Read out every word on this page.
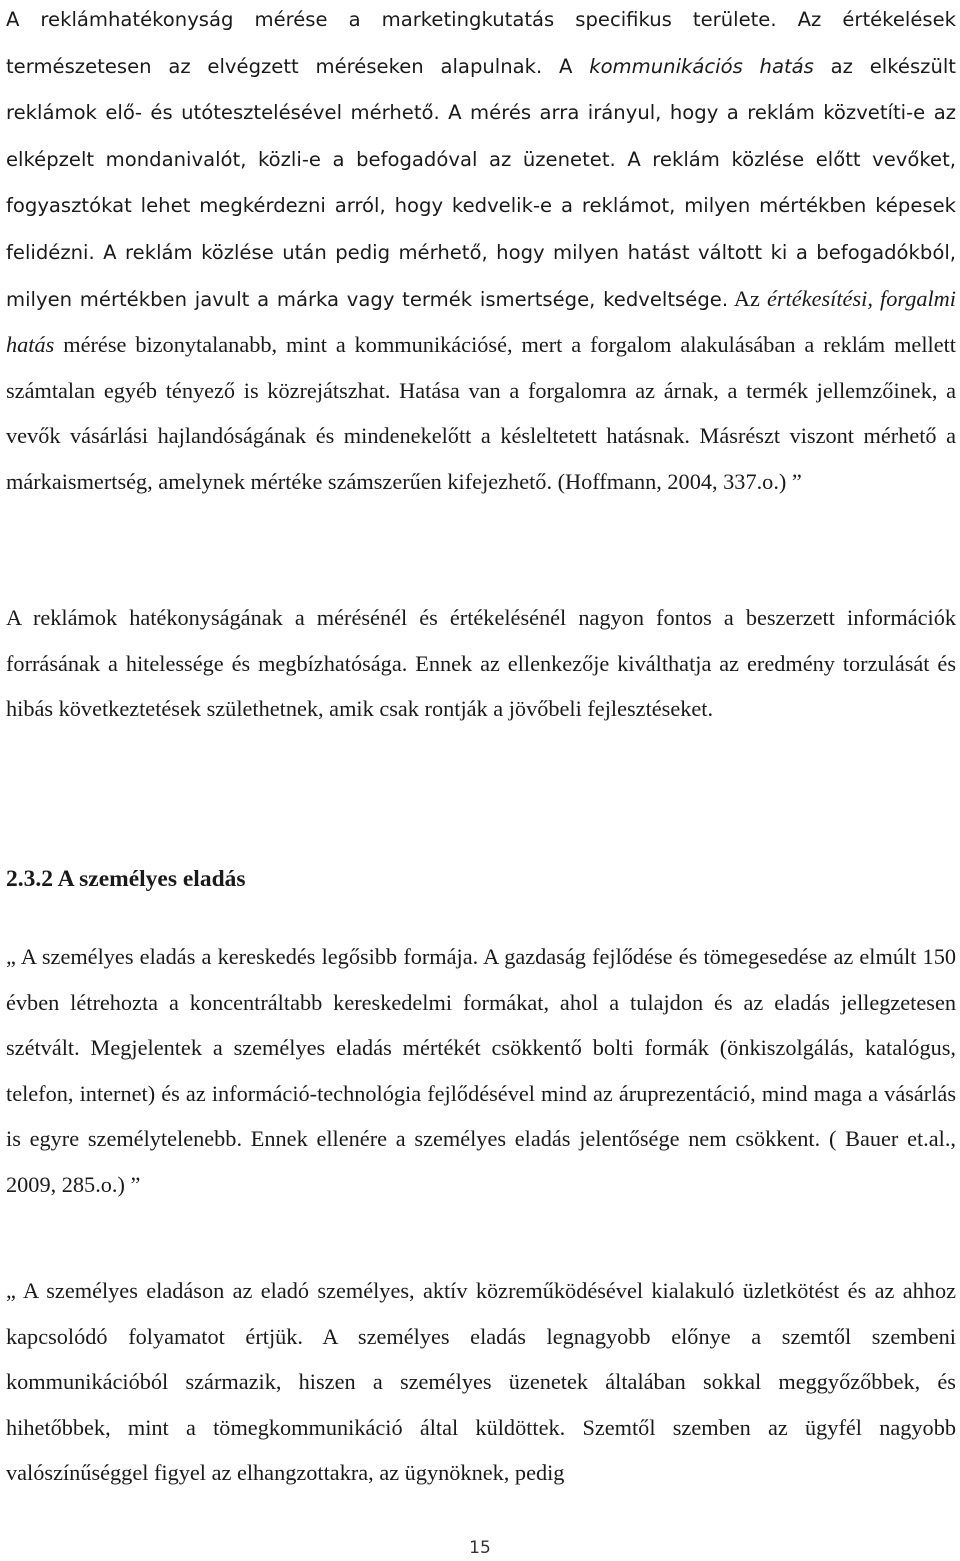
A reklámhatékonyság mérése a marketingkutatás specifikus területe. Az értékelések természetesen az elvégzett méréseken alapulnak. A kommunikációs hatás az elkészült reklámok elő- és utótesztelésével mérhető. A mérés arra irányul, hogy a reklám közvetíti-e az elképzelt mondanivalót, közli-e a befogadóval az üzenetet. A reklám közlése előtt vevőket, fogyasztókat lehet megkérdezni arról, hogy kedvelik-e a reklámot, milyen mértékben képesek felidézni. A reklám közlése után pedig mérhető, hogy milyen hatást váltott ki a befogadókból, milyen mértékben javult a márka vagy termék ismertsége, kedveltsége. Az értékesítési, forgalmi hatás mérése bizonytalanabb, mint a kommunikációsé, mert a forgalom alakulásában a reklám mellett számtalan egyéb tényező is közrejátszhat. Hatása van a forgalomra az árnak, a termék jellemzőinek, a vevők vásárlási hajlandóságának és mindenekelőtt a késleltetett hatásnak. Másrészt viszont mérhető a márkaismertség, amelynek mértéke számszerűen kifejezhető. (Hoffmann, 2004, 337.o.) ”

A reklámok hatékonyságának a mérésénél és értékelésénél nagyon fontos a beszerzett információk forrásának a hitelessége és megbízhatósága. Ennek az ellenkezője kiválthatja az eredmény torzulását és hibás következtetések születhetnek, amik csak rontják a jövőbeli fejlesztéseket.

2.3.2 A személyes eladás

„ A személyes eladás a kereskedés legősibb formája. A gazdaság fejlődése és tömegesedése az elmúlt 150 évben létrehozta a koncentráltabb kereskedelmi formákat, ahol a tulajdon és az eladás jellegzetesen szétvált. Megjelentek a személyes eladás mértékét csökkentő bolti formák (önkiszolgálás, katalógus, telefon, internet) és az információ-technológia fejlődésével mind az áruprezentáció, mind maga a vásárlás is egyre személytelenebb. Ennek ellenére a személyes eladás jelentősége nem csökkent. ( Bauer et.al., 2009, 285.o.) ”

„ A személyes eladáson az eladó személyes, aktív közreműködésével kialakuló üzletkötést és az ahhoz kapcsolódó folyamatot értjük. A személyes eladás legnagyobb előnye a szemtől szembeni kommunikációból származik, hiszen a személyes üzenetek általában sokkal meggyőzőbbek, és hihetőbbek, mint a tömegkommunikáció által küldöttek. Szemtől szemben az ügyfél nagyobb valószínűséggel figyel az elhangzottakra, az ügynöknek, pedig

15
